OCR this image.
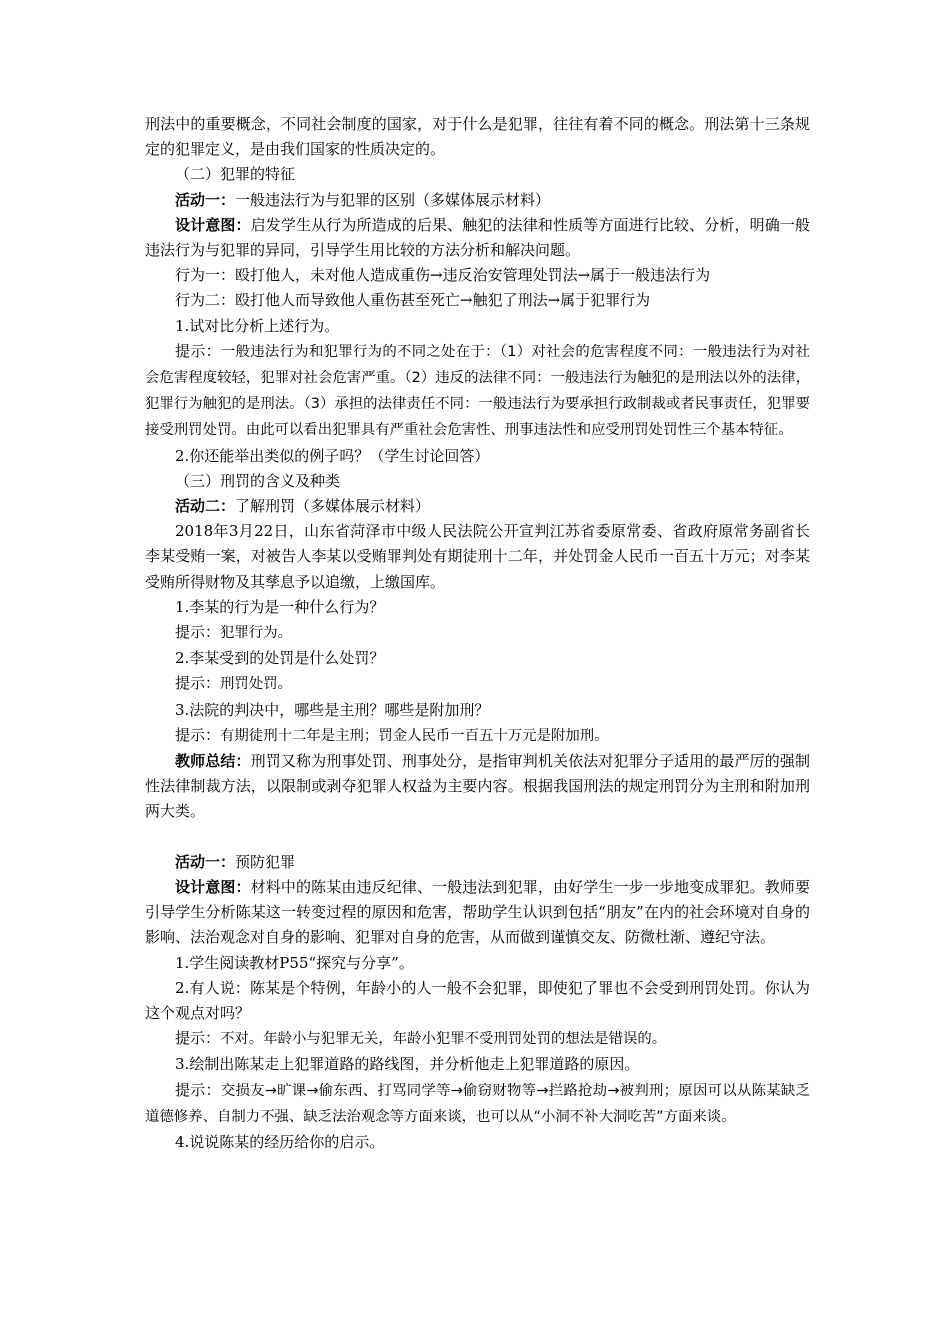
刑法中的重要概念，不同社会制度的国家，对于什么是犯罪，往往有着不同的概念。刑法第十三条规定的犯罪定义，是由我们国家的性质决定的。

（二）犯罪的特征

活动一：一般违法行为与犯罪的区别（多媒体展示材料）

设计意图：启发学生从行为所造成的后果、触犯的法律和性质等方面进行比较、分析，明确一般违法行为与犯罪的异同，引导学生用比较的方法分析和解决问题。

行为一：殴打他人，未对他人造成重伤→违反治安管理处罚法→属于一般违法行为

行为二：殴打他人而导致他人重伤甚至死亡→触犯了刑法→属于犯罪行为

1.试对比分析上述行为。

提示：一般违法行为和犯罪行为的不同之处在于：（1）对社会的危害程度不同：一般违法行为对社会危害程度较轻，犯罪对社会危害严重。（2）违反的法律不同：一般违法行为触犯的是刑法以外的法律，犯罪行为触犯的是刑法。（3）承担的法律责任不同：一般违法行为要承担行政制裁或者民事责任，犯罪要接受刑罚处罚。由此可以看出犯罪具有严重社会危害性、刑事违法性和应受刑罚处罚性三个基本特征。

2.你还能举出类似的例子吗？（学生讨论回答）

（三）刑罚的含义及种类

活动二：了解刑罚（多媒体展示材料）

2018年3月22日，山东省菏泽市中级人民法院公开宣判江苏省委原常委、省政府原常务副省长李某受贿一案，对被告人李某以受贿罪判处有期徒刑十二年，并处罚金人民币一百五十万元；对李某受贿所得财物及其孳息予以追缴，上缴国库。

1.李某的行为是一种什么行为？

提示：犯罪行为。

2.李某受到的处罚是什么处罚？

提示：刑罚处罚。

3.法院的判决中，哪些是主刑？哪些是附加刑？

提示：有期徒刑十二年是主刑；罚金人民币一百五十万元是附加刑。

教师总结：刑罚又称为刑事处罚、刑事处分，是指审判机关依法对犯罪分子适用的最严厉的强制性法律制裁方法，以限制或剥夺犯罪人权益为主要内容。根据我国刑法的规定刑罚分为主刑和附加刑两大类。

活动一：预防犯罪

设计意图：材料中的陈某由违反纪律、一般违法到犯罪，由好学生一步一步地变成罪犯。教师要引导学生分析陈某这一转变过程的原因和危害，帮助学生认识到包括“朋友”在内的社会环境对自身的影响、法治观念对自身的影响、犯罪对自身的危害，从而做到谨慎交友、防微杜渐、遵纪守法。

1.学生阅读教材P55“探究与分享”。

2.有人说：陈某是个特例，年龄小的人一般不会犯罪，即使犯了罪也不会受到刑罚处罚。你认为这个观点对吗？

提示：不对。年龄小与犯罪无关，年龄小犯罪不受刑罚处罚的想法是错误的。

3.绘制出陈某走上犯罪道路的路线图，并分析他走上犯罪道路的原因。

提示：交损友→旷课→偷东西、打骂同学等→偷窃财物等→拦路抢劫→被判刑；原因可以从陈某缺乏道德修养、自制力不强、缺乏法治观念等方面来谈，也可以从“小洞不补大洞吃苦”方面来谈。

4.说说陈某的经历给你的启示。
